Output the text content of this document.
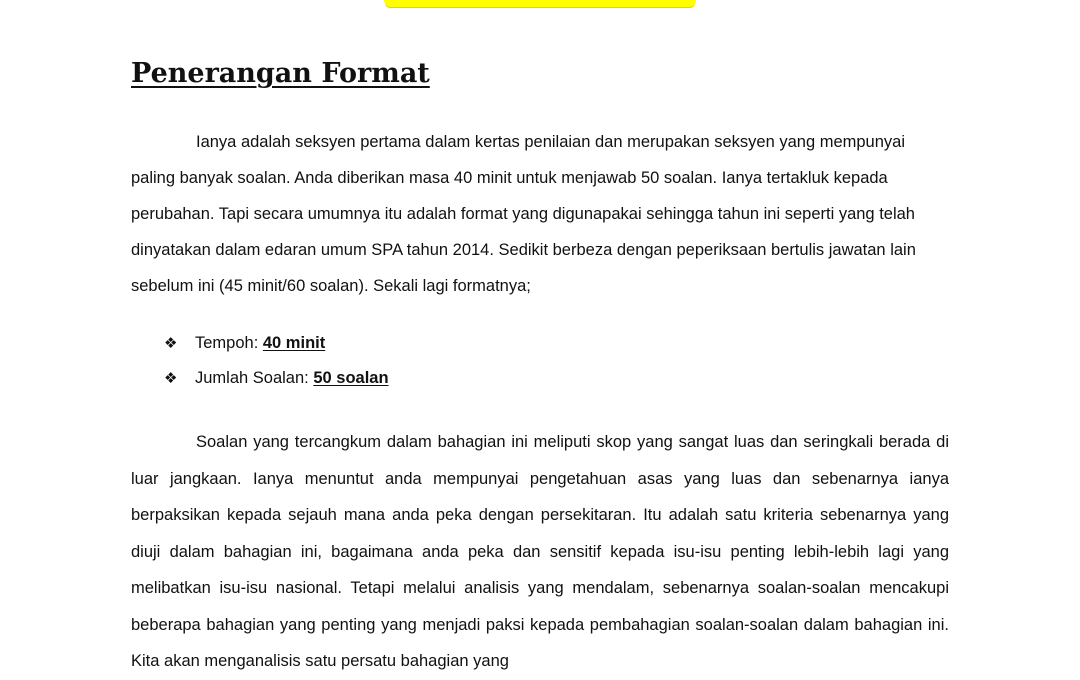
Penerangan Format

Ianya adalah seksyen pertama dalam kertas penilaian dan merupakan seksyen yang mempunyai paling banyak soalan. Anda diberikan masa 40 minit untuk menjawab 50 soalan. Ianya tertakluk kepada perubahan. Tapi secara umumnya itu adalah format yang digunapakai sehingga tahun ini seperti yang telah dinyatakan dalam edaran umum SPA tahun 2014. Sedikit berbeza dengan peperiksaan bertulis jawatan lain sebelum ini (45 minit/60 soalan). Sekali lagi formatnya;

❖ Tempoh: 40 minit
❖ Jumlah Soalan: 50 soalan

Soalan yang tercangkum dalam bahagian ini meliputi skop yang sangat luas dan seringkali berada di luar jangkaan. Ianya menuntut anda mempunyai pengetahuan asas yang luas dan sebenarnya ianya berpaksikan kepada sejauh mana anda peka dengan persekitaran. Itu adalah satu kriteria sebenarnya yang diuji dalam bahagian ini, bagaimana anda peka dan sensitif kepada isu-isu penting lebih-lebih lagi yang melibatkan isu-isu nasional. Tetapi melalui analisis yang mendalam, sebenarnya soalan-soalan mencakupi beberapa bahagian yang penting yang menjadi paksi kepada pembahagian soalan-soalan dalam bahagian ini. Kita akan menganalisis satu persatu bahagian yang
